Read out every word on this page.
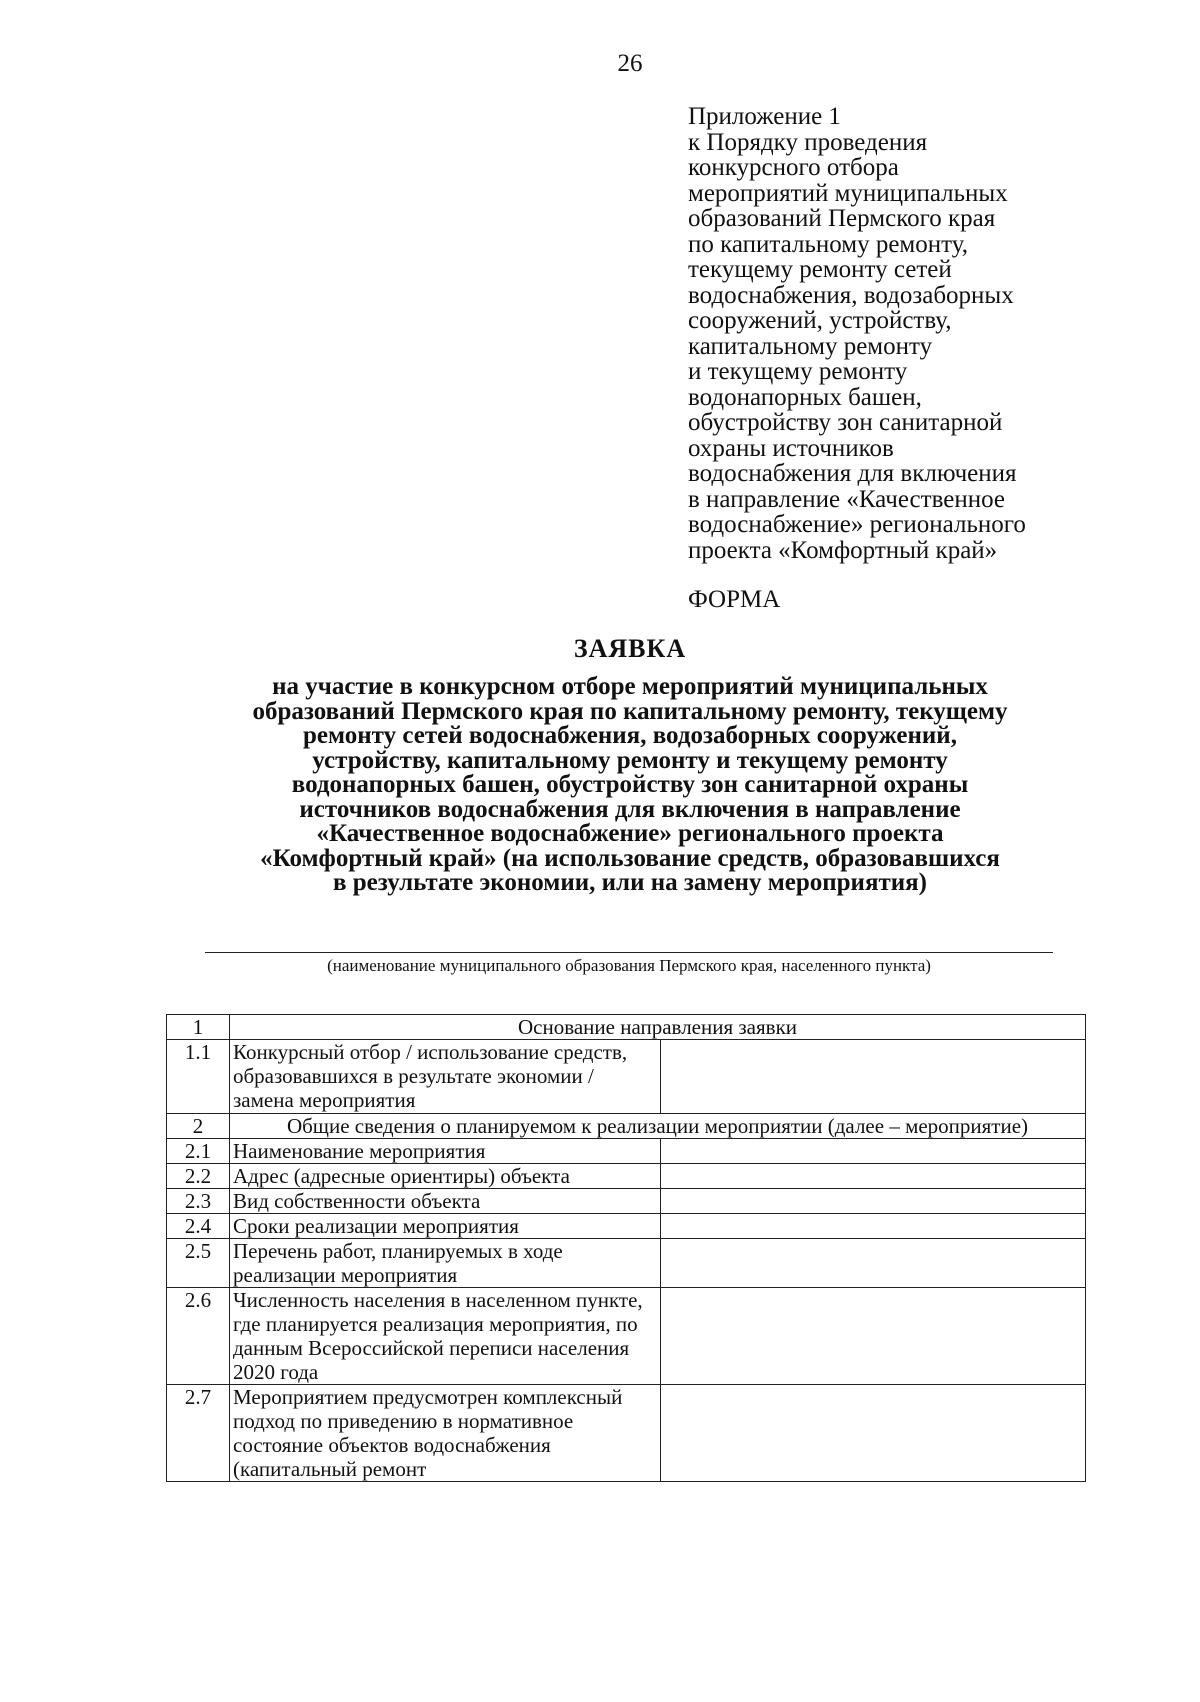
26
Приложение 1
к Порядку проведения
конкурсного отбора
мероприятий муниципальных
образований Пермского края
по капитальному ремонту,
текущему ремонту сетей
водоснабжения, водозаборных
сооружений, устройству,
капитальному ремонту
и текущему ремонту
водонапорных башен,
обустройству зон санитарной
охраны источников
водоснабжения для включения
в направление «Качественное
водоснабжение» регионального
проекта «Комфортный край»
ФОРМА
ЗАЯВКА
на участие в конкурсном отборе мероприятий муниципальных
образований Пермского края по капитальному ремонту, текущему
ремонту сетей водоснабжения, водозаборных сооружений,
устройству, капитальному ремонту и текущему ремонту
водонапорных башен, обустройству зон санитарной охраны
источников водоснабжения для включения в направление
«Качественное водоснабжение» регионального проекта
«Комфортный край» (на использование средств, образовавшихся
в результате экономии, или на замену мероприятия)
(наименование муниципального образования Пермского края, населенного пункта)
1	Основание направления заявки	
1.1	Конкурсный отбор / использование средств, образовавшихся в результате экономии / замена мероприятия	
2	Общие сведения о планируемом к реализации мероприятии (далее – мероприятие)	
2.1	Наименование мероприятия	
2.2	Адрес (адресные ориентиры) объекта	
2.3	Вид собственности объекта	
2.4	Сроки реализации мероприятия	
2.5	Перечень работ, планируемых в ходе реализации мероприятия	
2.6	Численность населения в населенном пункте, где планируется реализация мероприятия, по данным Всероссийской переписи населения 2020 года	
2.7	Мероприятием предусмотрен комплексный подход по приведению в нормативное состояние объектов водоснабжения (капитальный ремонт	
